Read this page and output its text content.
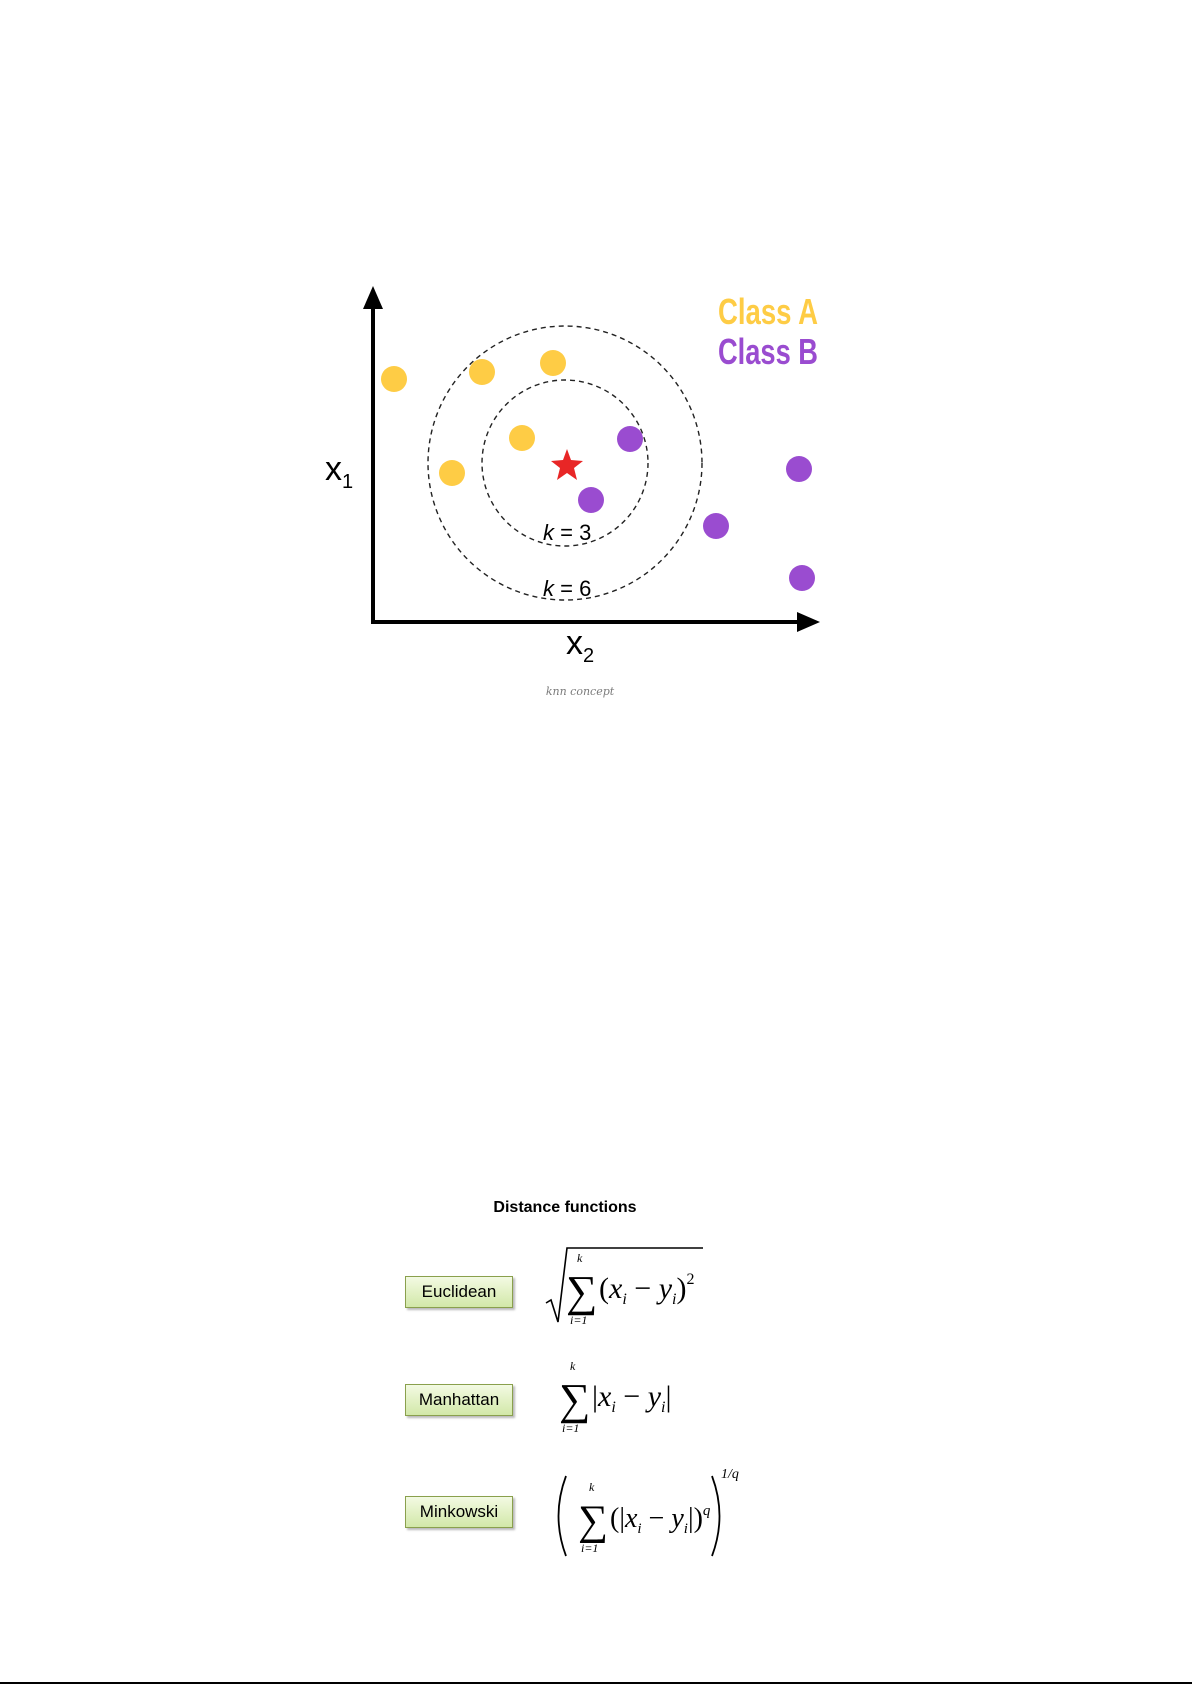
Class A
Class B
$x_1$
$x_2$
k = 3
k = 6
knn concept
Distance functions
Euclidean
Manhattan
Minkowski
k
∑
i=1
$(x_i - y_i)^2$
k
∑
i=1
$|x_i - y_i|$
k
∑
i=1
$(|x_i - y_i|)^q$
1/q
